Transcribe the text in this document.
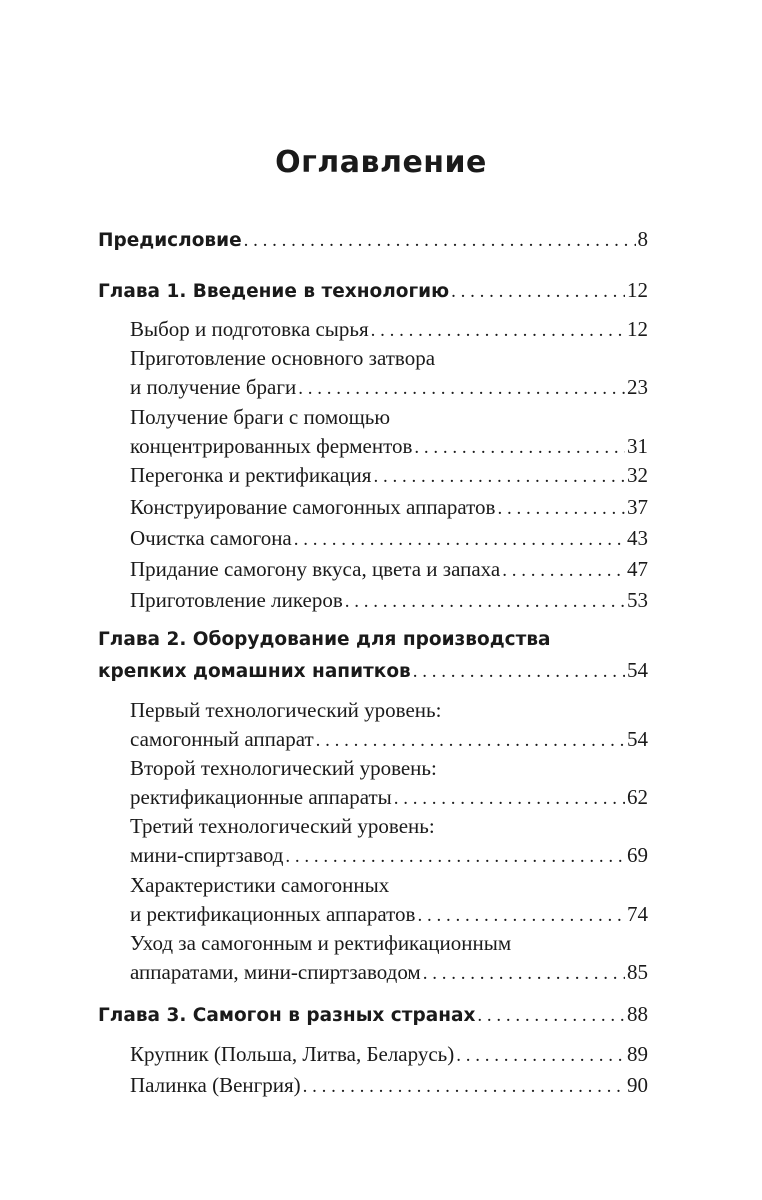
Оглавление
Предисловие . . .	8
Глава 1. Введение в технологию . . .	12
Выбор и подготовка сырья . . .	12
Приготовление основного затвора
и получение браги . . .	23
Получение браги с помощью
концентрированных ферментов . . .	31
Перегонка и ректификация . . .	32
Конструирование самогонных аппаратов . . .	37
Очистка самогона . . .	43
Придание самогону вкуса, цвета и запаха . . .	47
Приготовление ликеров . . .	53
Глава 2. Оборудование для производства
крепких домашних напитков . . .	54
Первый технологический уровень:
самогонный аппарат . . .	54
Второй технологический уровень:
ректификационные аппараты . . .	62
Третий технологический уровень:
мини-спиртзавод . . .	69
Характеристики самогонных
и ректификационных аппаратов . . .	74
Уход за самогонным и ректификационным
аппаратами, мини-спиртзаводом . . .	85
Глава 3. Самогон в разных странах . . .	88
Крупник (Польша, Литва, Беларусь) . . .	89
Палинка (Венгрия) . . .	90
